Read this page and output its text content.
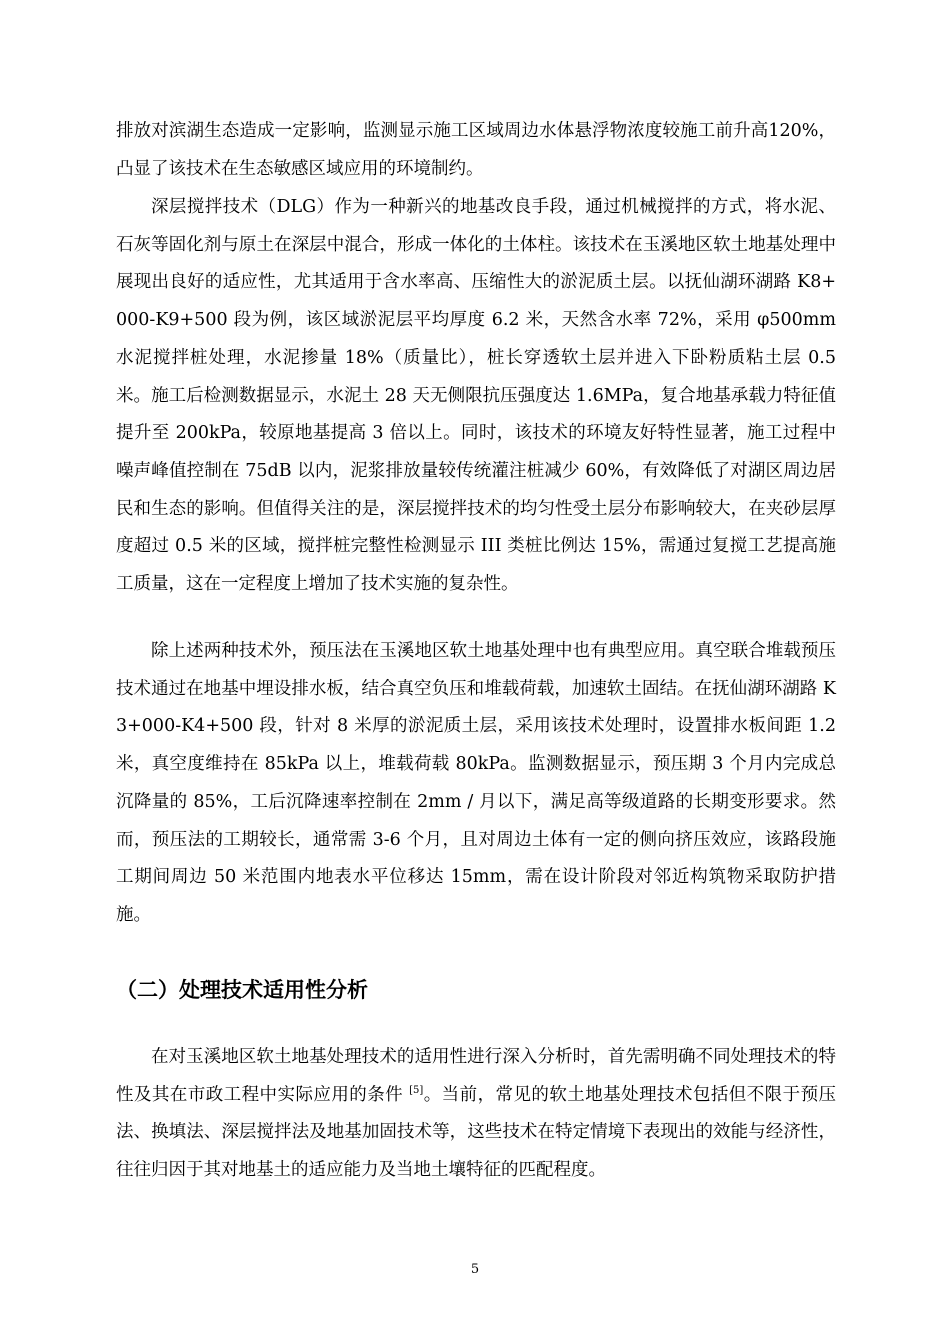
排放对滨湖生态造成一定影响，监测显示施工区域周边水体悬浮物浓度较施工前升高120%，凸显了该技术在生态敏感区域应用的环境制约。

深层搅拌技术（DLG）作为一种新兴的地基改良手段，通过机械搅拌的方式，将水泥、石灰等固化剂与原土在深层中混合，形成一体化的土体柱。该技术在玉溪地区软土地基处理中展现出良好的适应性，尤其适用于含水率高、压缩性大的淤泥质土层。以抚仙湖环湖路 K8+000-K9+500 段为例，该区域淤泥层平均厚度 6.2 米，天然含水率 72%，采用 φ500mm 水泥搅拌桩处理，水泥掺量 18%（质量比），桩长穿透软土层并进入下卧粉质粘土层 0.5 米。施工后检测数据显示，水泥土 28 天无侧限抗压强度达 1.6MPa，复合地基承载力特征值提升至 200kPa，较原地基提高 3 倍以上。同时，该技术的环境友好特性显著，施工过程中噪声峰值控制在 75dB 以内，泥浆排放量较传统灌注桩减少 60%，有效降低了对湖区周边居民和生态的影响。但值得关注的是，深层搅拌技术的均匀性受土层分布影响较大，在夹砂层厚度超过 0.5 米的区域，搅拌桩完整性检测显示 III 类桩比例达 15%，需通过复搅工艺提高施工质量，这在一定程度上增加了技术实施的复杂性。

除上述两种技术外，预压法在玉溪地区软土地基处理中也有典型应用。真空联合堆载预压技术通过在地基中埋设排水板，结合真空负压和堆载荷载，加速软土固结。在抚仙湖环湖路 K3+000-K4+500 段，针对 8 米厚的淤泥质土层，采用该技术处理时，设置排水板间距 1.2 米，真空度维持在 85kPa 以上，堆载荷载 80kPa。监测数据显示，预压期 3 个月内完成总沉降量的 85%，工后沉降速率控制在 2mm / 月以下，满足高等级道路的长期变形要求。然而，预压法的工期较长，通常需 3-6 个月，且对周边土体有一定的侧向挤压效应，该路段施工期间周边 50 米范围内地表水平位移达 15mm，需在设计阶段对邻近构筑物采取防护措施。

（二）处理技术适用性分析

在对玉溪地区软土地基处理技术的适用性进行深入分析时，首先需明确不同处理技术的特性及其在市政工程中实际应用的条件 [5]。当前，常见的软土地基处理技术包括但不限于预压法、换填法、深层搅拌法及地基加固技术等，这些技术在特定情境下表现出的效能与经济性，往往归因于其对地基土的适应能力及当地土壤特征的匹配程度。

5
